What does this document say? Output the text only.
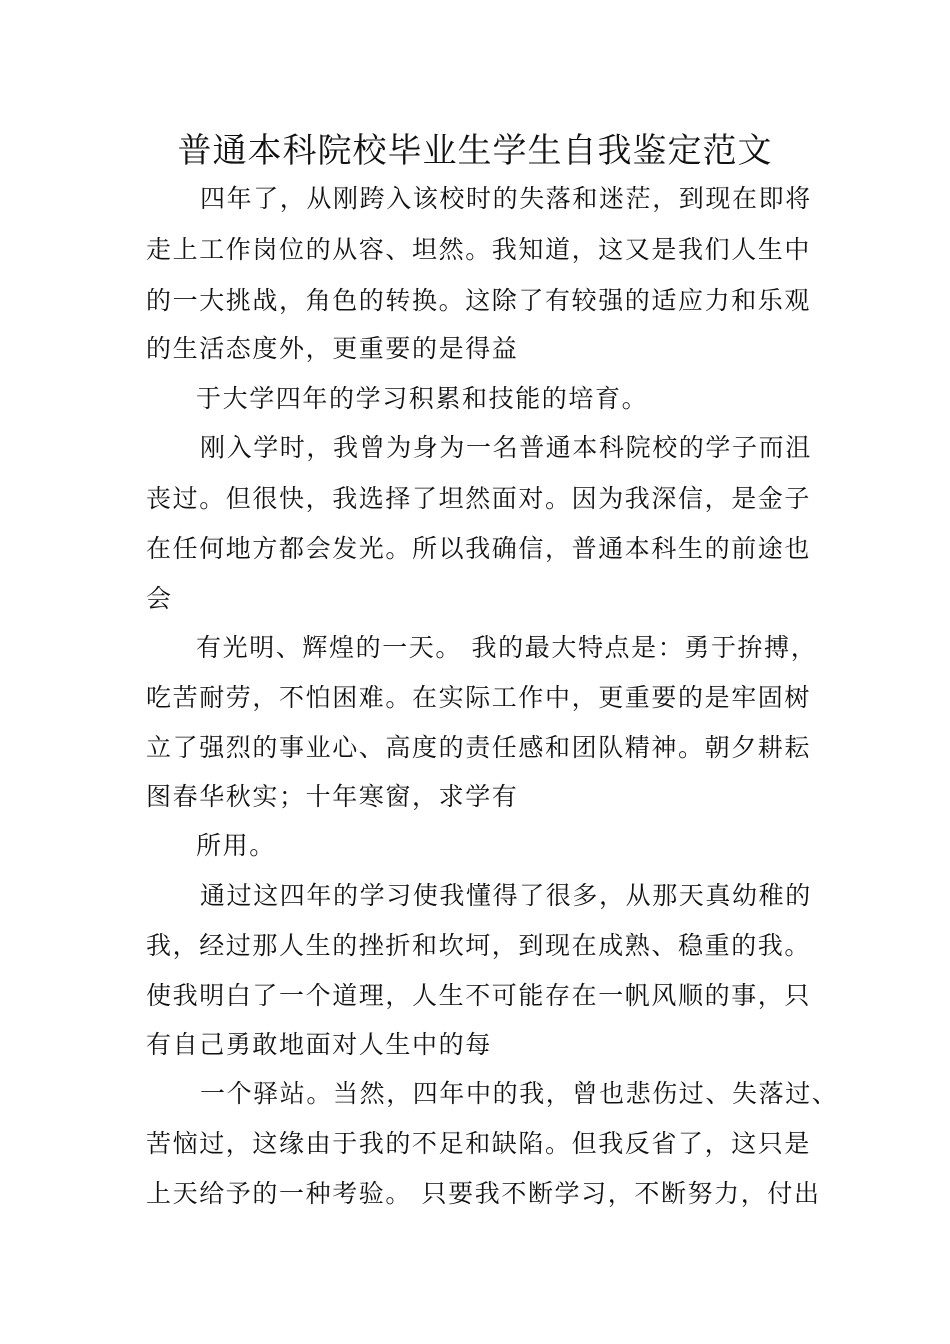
普通本科院校毕业生学生自我鉴定范文
四年了，从刚跨入该校时的失落和迷茫，到现在即将
走上工作岗位的从容、坦然。我知道，这又是我们人生中
的一大挑战，角色的转换。这除了有较强的适应力和乐观
的生活态度外，更重要的是得益
于大学四年的学习积累和技能的培育。
刚入学时，我曾为身为一名普通本科院校的学子而沮
丧过。但很快，我选择了坦然面对。因为我深信，是金子
在任何地方都会发光。所以我确信，普通本科生的前途也
会
有光明、辉煌的一天。 我的最大特点是：勇于拚搏，
吃苦耐劳，不怕困难。在实际工作中，更重要的是牢固树
立了强烈的事业心、高度的责任感和团队精神。朝夕耕耘
图春华秋实；十年寒窗，求学有
所用。
通过这四年的学习使我懂得了很多，从那天真幼稚的
我，经过那人生的挫折和坎坷，到现在成熟、稳重的我。
使我明白了一个道理，人生不可能存在一帆风顺的事，只
有自己勇敢地面对人生中的每
一个驿站。当然，四年中的我，曾也悲伤过、失落过、
苦恼过，这缘由于我的不足和缺陷。但我反省了，这只是
上天给予的一种考验。 只要我不断学习，不断努力，付出
